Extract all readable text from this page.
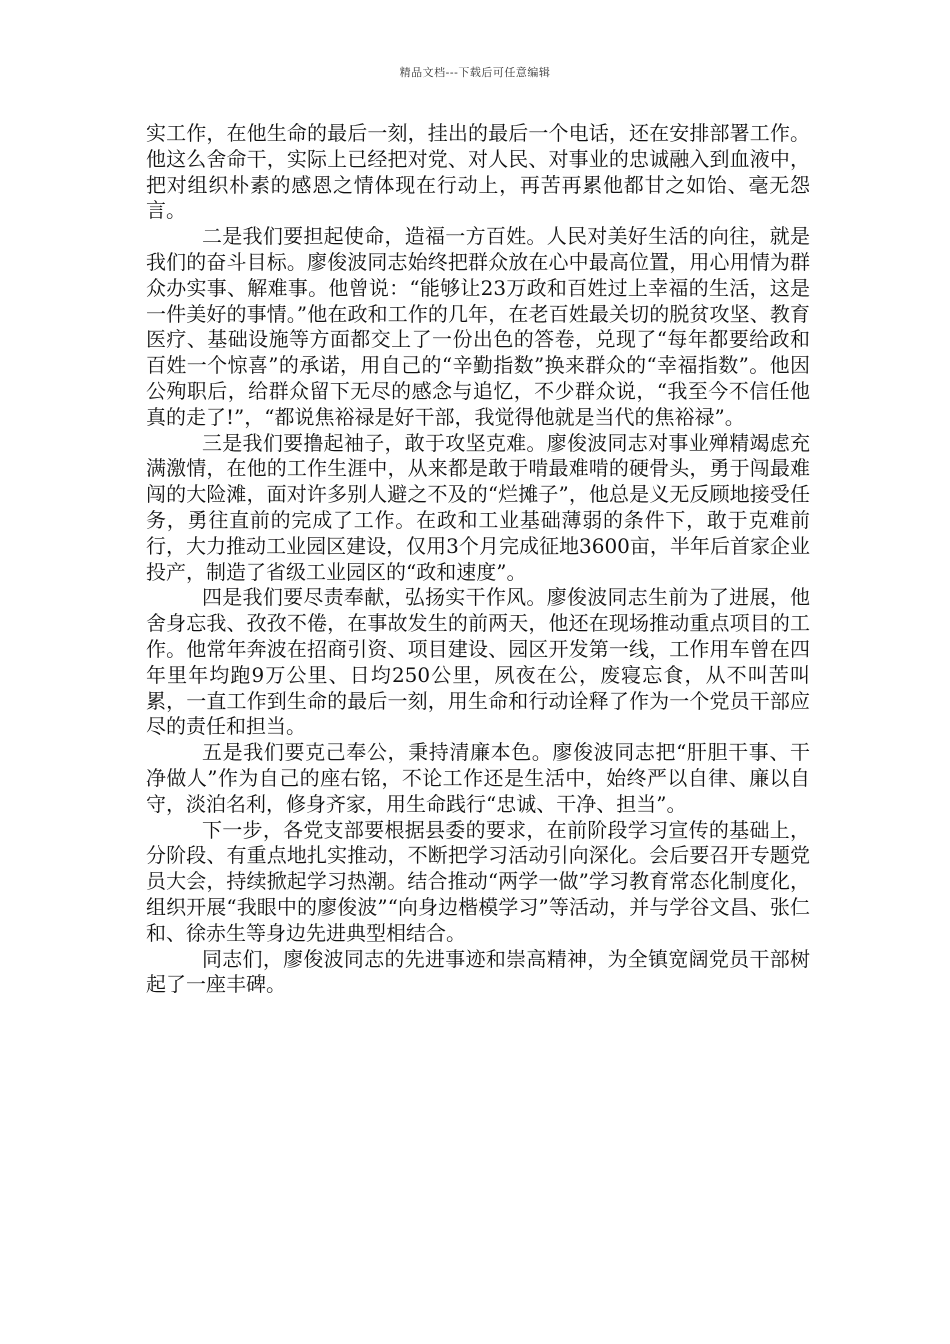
精品文档---下载后可任意编辑

实工作，在他生命的最后一刻，挂出的最后一个电话，还在安排部署工作。他这么舍命干，实际上已经把对党、对人民、对事业的忠诚融入到血液中，把对组织朴素的感恩之情体现在行动上，再苦再累他都甘之如饴、毫无怨言。

二是我们要担起使命，造福一方百姓。人民对美好生活的向往，就是我们的奋斗目标。廖俊波同志始终把群众放在心中最高位置，用心用情为群众办实事、解难事。他曾说：“能够让23万政和百姓过上幸福的生活，这是一件美好的事情。”他在政和工作的几年，在老百姓最关切的脱贫攻坚、教育医疗、基础设施等方面都交上了一份出色的答卷，兑现了“每年都要给政和百姓一个惊喜”的承诺，用自己的“辛勤指数”换来群众的“幸福指数”。他因公殉职后，给群众留下无尽的感念与追忆，不少群众说，“我至今不信任他真的走了!”，“都说焦裕禄是好干部，我觉得他就是当代的焦裕禄”。

三是我们要撸起袖子，敢于攻坚克难。廖俊波同志对事业殚精竭虑充满激情，在他的工作生涯中，从来都是敢于啃最难啃的硬骨头，勇于闯最难闯的大险滩，面对许多别人避之不及的“烂摊子”，他总是义无反顾地接受任务，勇往直前的完成了工作。在政和工业基础薄弱的条件下，敢于克难前行，大力推动工业园区建设，仅用3个月完成征地3600亩，半年后首家企业投产，制造了省级工业园区的“政和速度”。

四是我们要尽责奉献，弘扬实干作风。廖俊波同志生前为了进展，他舍身忘我、孜孜不倦，在事故发生的前两天，他还在现场推动重点项目的工作。他常年奔波在招商引资、项目建设、园区开发第一线，工作用车曾在四年里年均跑9万公里、日均250公里，夙夜在公，废寝忘食，从不叫苦叫累，一直工作到生命的最后一刻，用生命和行动诠释了作为一个党员干部应尽的责任和担当。

五是我们要克己奉公，秉持清廉本色。廖俊波同志把“肝胆干事、干净做人”作为自己的座右铭，不论工作还是生活中，始终严以自律、廉以自守，淡泊名利，修身齐家，用生命践行“忠诚、干净、担当”。

下一步，各党支部要根据县委的要求，在前阶段学习宣传的基础上，分阶段、有重点地扎实推动，不断把学习活动引向深化。会后要召开专题党员大会，持续掀起学习热潮。结合推动“两学一做”学习教育常态化制度化，组织开展“我眼中的廖俊波”“向身边楷模学习”等活动，并与学谷文昌、张仁和、徐赤生等身边先进典型相结合。

同志们，廖俊波同志的先进事迹和崇高精神，为全镇宽阔党员干部树起了一座丰碑。
